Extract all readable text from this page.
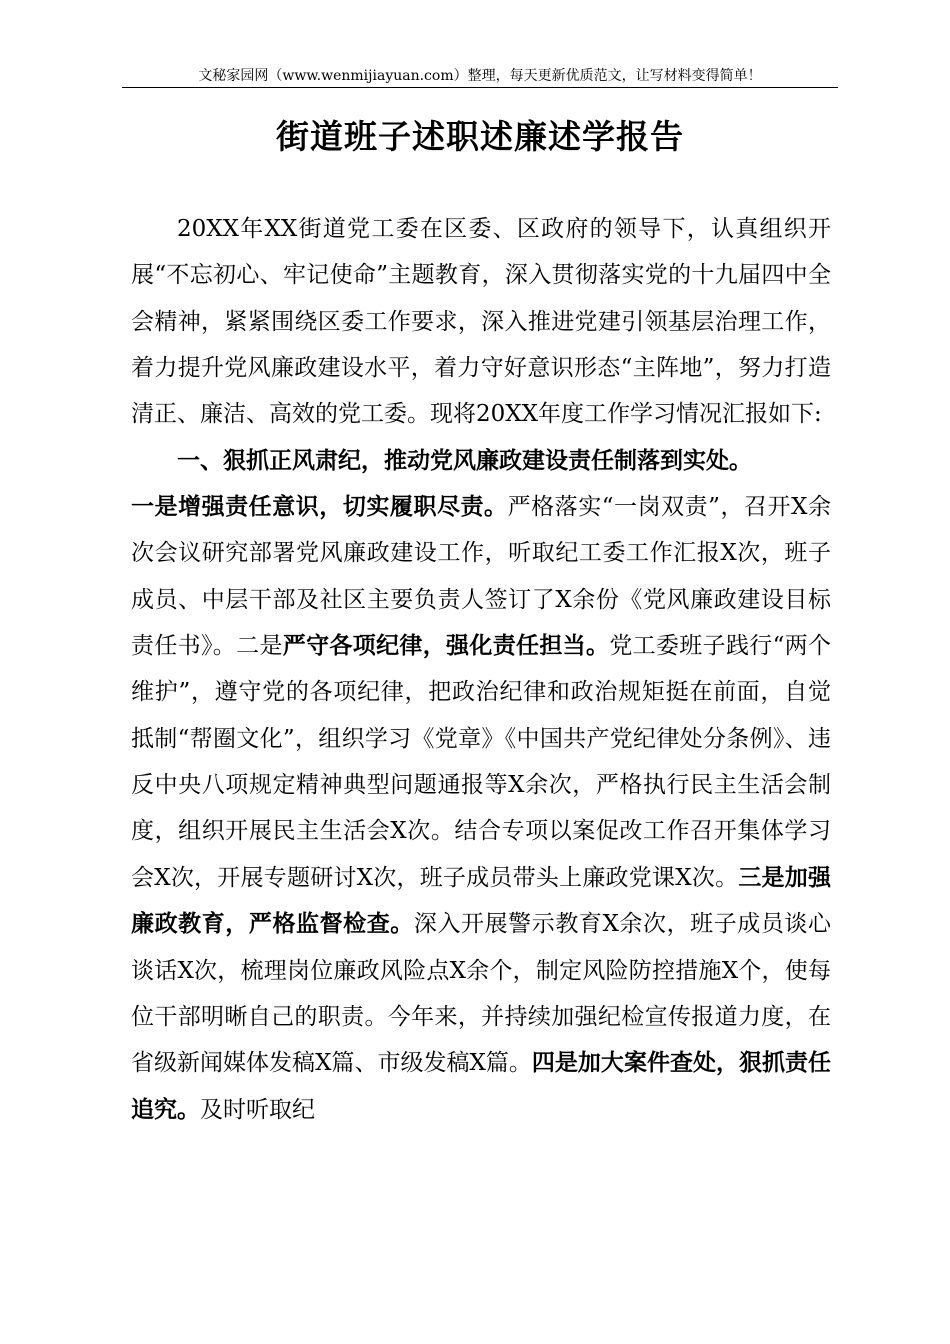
文秘家园网（www.wenmijiayuan.com）整理，每天更新优质范文，让写材料变得简单！
街道班子述职述廉述学报告

20XX年XX街道党工委在区委、区政府的领导下，认真组织开展“不忘初心、牢记使命”主题教育，深入贯彻落实党的十九届四中全会精神，紧紧围绕区委工作要求，深入推进党建引领基层治理工作，着力提升党风廉政建设水平，着力守好意识形态“主阵地”，努力打造清正、廉洁、高效的党工委。现将20XX年度工作学习情况汇报如下:

一、狠抓正风肃纪，推动党风廉政建设责任制落到实处。

一是增强责任意识，切实履职尽责。严格落实“一岗双责”，召开X余次会议研究部署党风廉政建设工作，听取纪工委工作汇报X次，班子成员、中层干部及社区主要负责人签订了X余份《党风廉政建设目标责任书》。二是严守各项纪律，强化责任担当。党工委班子践行“两个维护”，遵守党的各项纪律，把政治纪律和政治规矩挺在前面，自觉抵制“帮圈文化”，组织学习《党章》《中国共产党纪律处分条例》、违反中央八项规定精神典型问题通报等X余次，严格执行民主生活会制度，组织开展民主生活会X次。结合专项以案促改工作召开集体学习会X次，开展专题研讨X次，班子成员带头上廉政党课X次。三是加强廉政教育，严格监督检查。深入开展警示教育X余次，班子成员谈心谈话X次，梳理岗位廉政风险点X余个，制定风险防控措施X个，使每位干部明晰自己的职责。今年来，并持续加强纪检宣传报道力度，在省级新闻媒体发稿X篇、市级发稿X篇。四是加大案件查处，狠抓责任追究。及时听取纪
